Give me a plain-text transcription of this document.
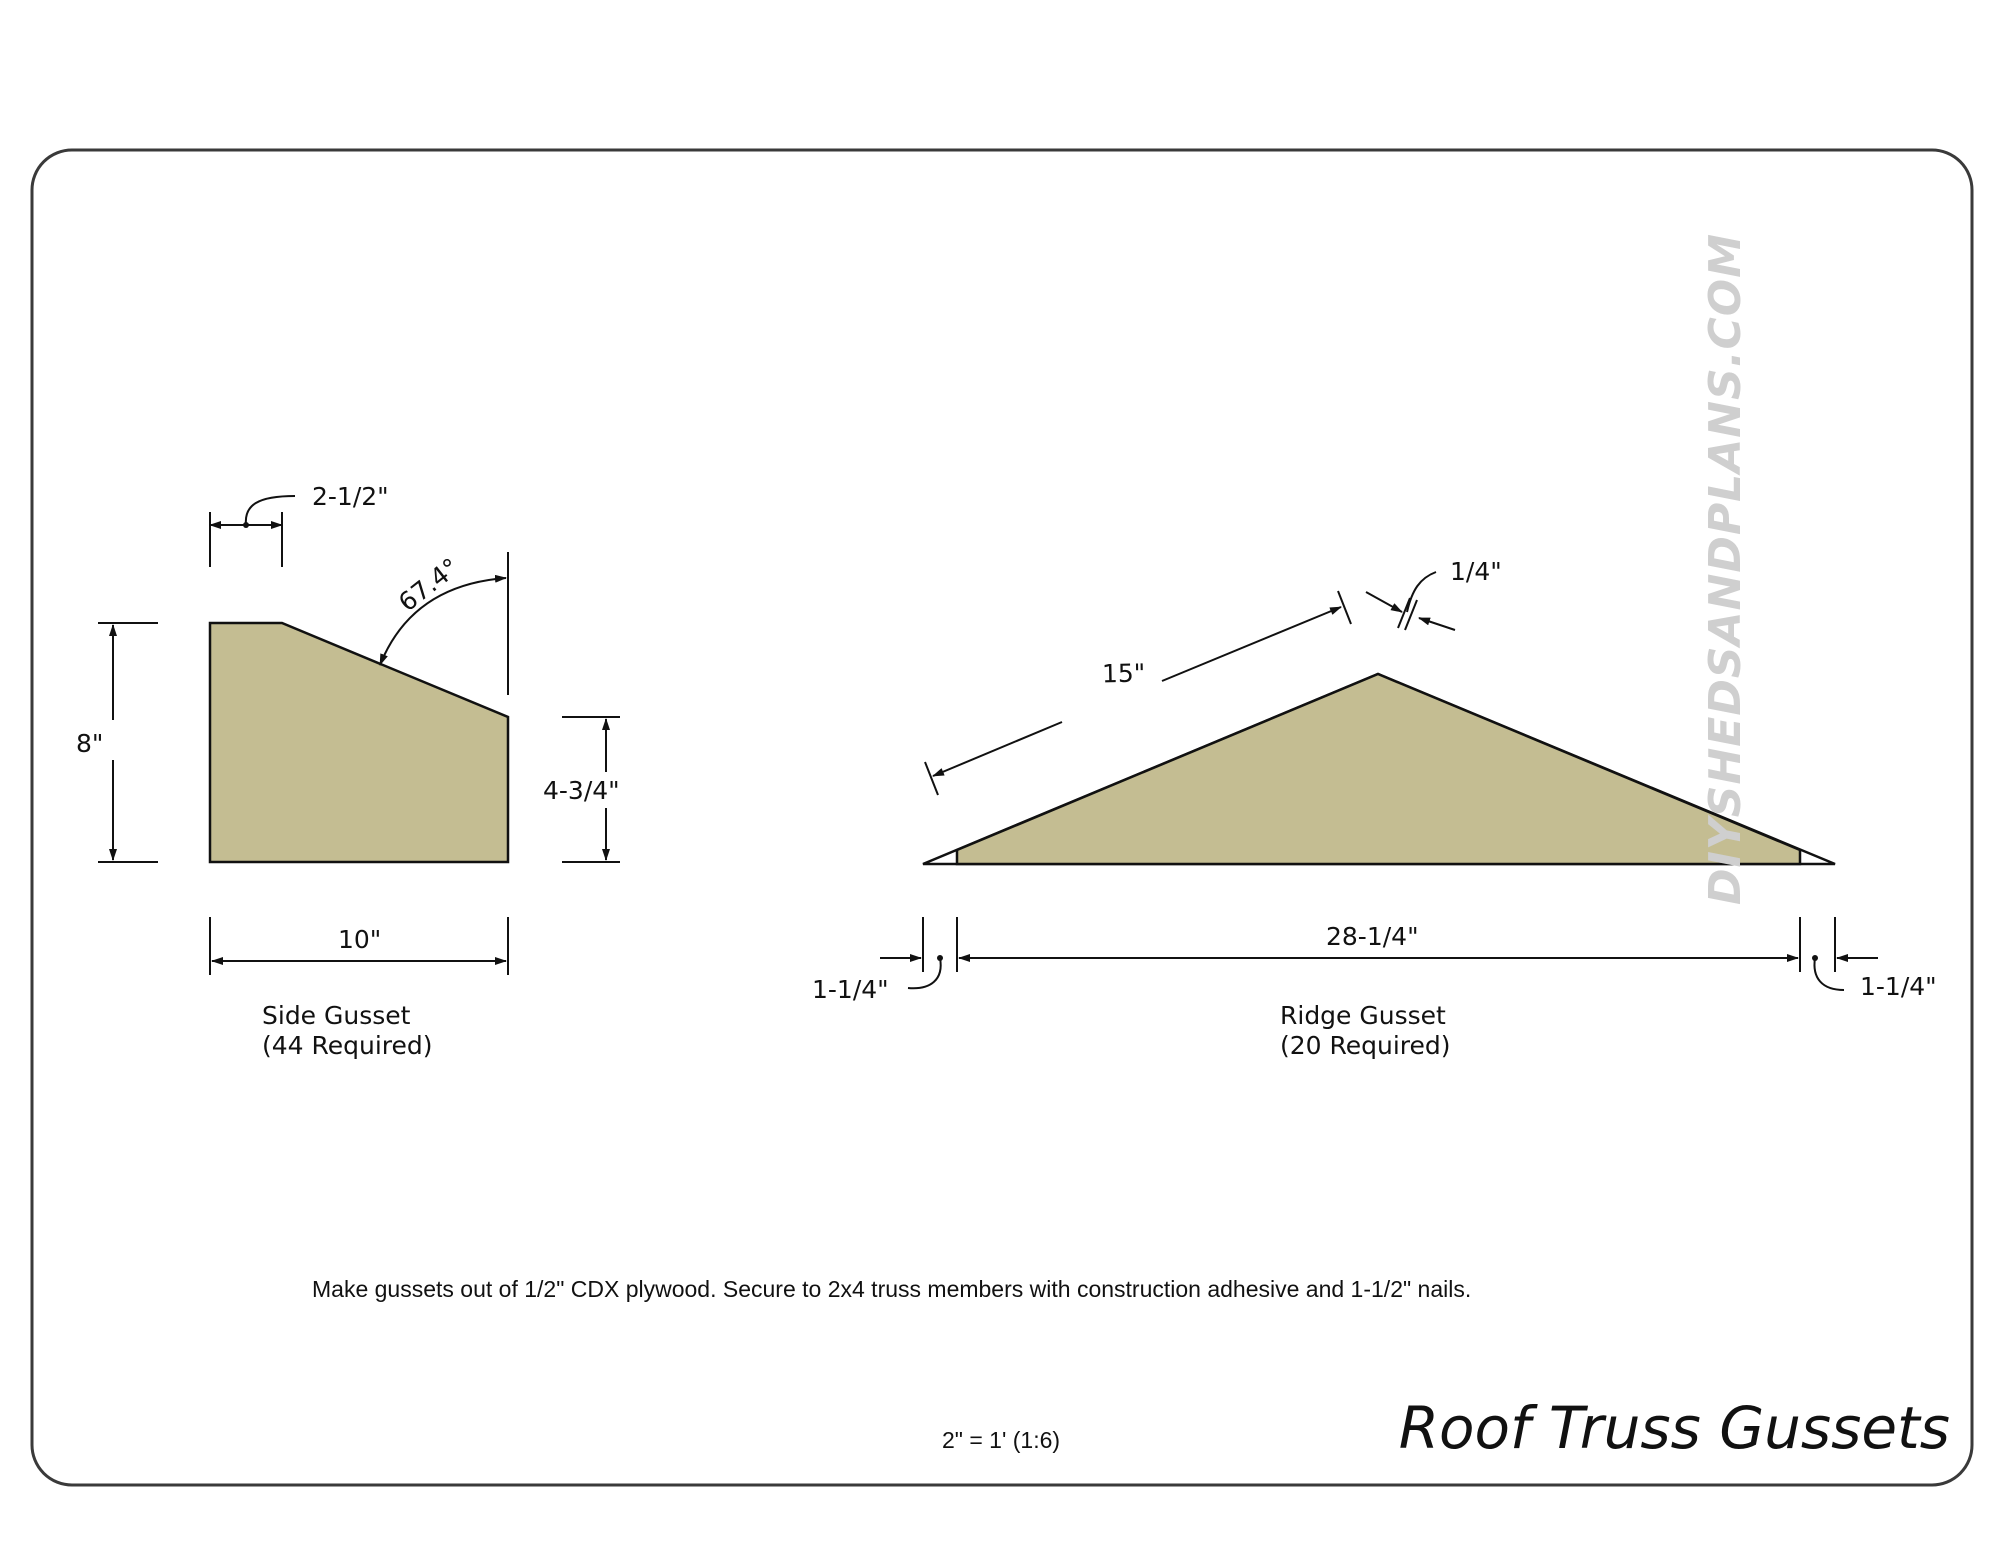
2-1/2"
67.4°
8"
4-3/4"
10"
Side Gusset
(44 Required)
15"
1/4"
1-1/4"
28-1/4"
1-1/4"
Ridge Gusset
(20 Required)
DIYSHEDSANDPLANS.COM
Make gussets out of 1/2" CDX plywood. Secure to 2x4 truss members with construction adhesive and 1-1/2" nails.
2" = 1' (1:6)	Roof Truss Gussets
